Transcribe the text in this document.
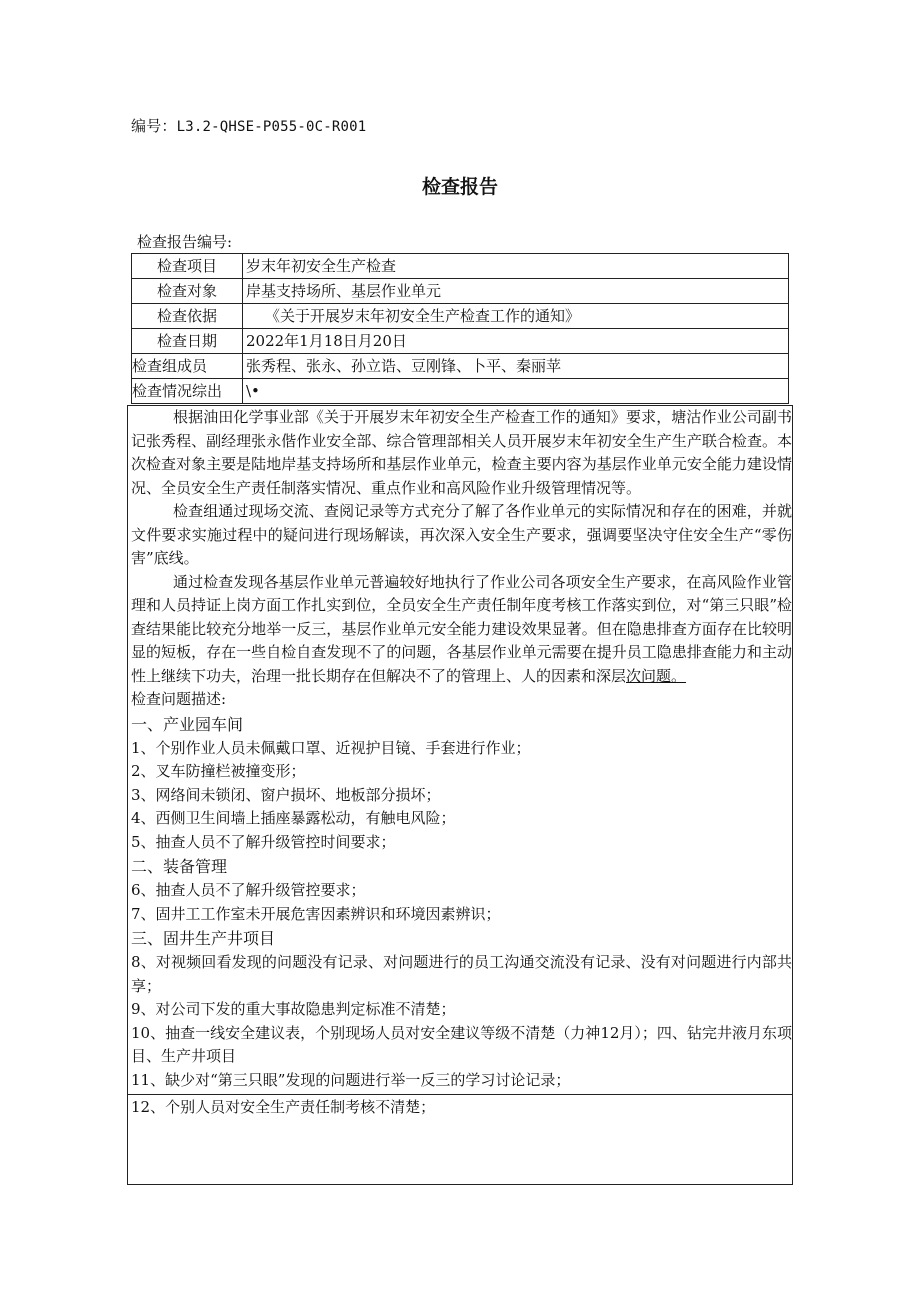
编号：L3.2-QHSE-P055-0C-R001
检查报告
检查报告编号:
检查项目	岁末年初安全生产检查
检查对象	岸基支持场所、基层作业单元
检查依据	《关于开展岁末年初安全生产检查工作的通知》
检查日期	2022年1月18日月20日
检查组成员	张秀程、张永、孙立诰、豆刚锋、卜平、秦丽苹
检查情况综出	\•

根据油田化学事业部《关于开展岁末年初安全生产检查工作的通知》要求，塘沽作业公司副书记张秀程、副经理张永偕作业安全部、综合管理部相关人员开展岁末年初安全生产生产联合检查。本次检查对象主要是陆地岸基支持场所和基层作业单元，检查主要内容为基层作业单元安全能力建设情况、全员安全生产责任制落实情况、重点作业和高风险作业升级管理情况等。

检查组通过现场交流、查阅记录等方式充分了解了各作业单元的实际情况和存在的困难，并就文件要求实施过程中的疑问进行现场解读，再次深入安全生产要求，强调要坚决守住安全生产“零伤害”底线。

通过检查发现各基层作业单元普遍较好地执行了作业公司各项安全生产要求，在高风险作业管理和人员持证上岗方面工作扎实到位，全员安全生产责任制年度考核工作落实到位，对“第三只眼”检查结果能比较充分地举一反三，基层作业单元安全能力建设效果显著。但在隐患排查方面存在比较明显的短板，存在一些自检自查发现不了的问题，各基层作业单元需要在提升员工隐患排查能力和主动性上继续下功夫，治理一批长期存在但解决不了的管理上、人的因素和深层次问题。

检查问题描述:

一、产业园车间

1、个别作业人员未佩戴口罩、近视护目镜、手套进行作业；

2、叉车防撞栏被撞变形；

3、网络间未锁闭、窗户损坏、地板部分损坏；

4、西侧卫生间墙上插座暴露松动，有触电风险；

5、抽查人员不了解升级管控时间要求；

二、装备管理

6、抽查人员不了解升级管控要求；

7、固井工工作室未开展危害因素辨识和环境因素辨识；

三、固井生产井项目

8、对视频回看发现的问题没有记录、对问题进行的员工沟通交流没有记录、没有对问题进行内部共享；

9、对公司下发的重大事故隐患判定标准不清楚；

10、抽查一线安全建议表，个别现场人员对安全建议等级不清楚（力神12月）；四、钻完井液月东项目、生产井项目

11、缺少对“第三只眼”发现的问题进行举一反三的学习讨论记录；

12、个别人员对安全生产责任制考核不清楚；
